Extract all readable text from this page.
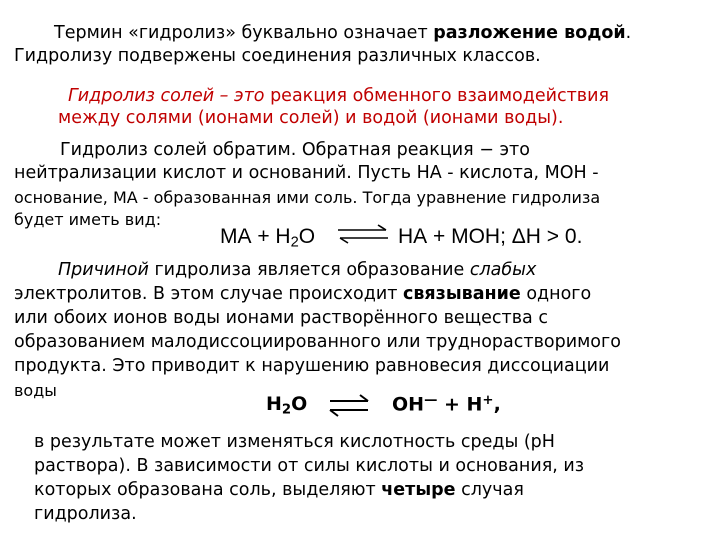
Термин «гидролиз» буквально означает разложение водой.
Гидролизу подвержены соединения различных классов.
Гидролиз солей – это реакция обменного взаимодействия
между солями (ионами солей) и водой (ионами воды).
Гидролиз солей обратим. Обратная реакция − это
нейтрализации кислот и оснований. Пусть НА - кислота, МОН -
основание, МА - образованная ими соль. Тогда уравнение гидролиза
будет иметь вид:
МА + $Н_2О$ ⇌ НА + МОН; ΔН > 0.
Причиной гидролиза является образование слабых
электролитов. В этом случае происходит связывание одного
или обоих ионов воды ионами растворённого вещества с
образованием малодиссоциированного или труднорастворимого
продукта. Это приводит к нарушению равновесия диссоциации
воды
$Н_2О$ ⇌ ОН— + Н+,
в результате может изменяться кислотность среды (рН
раствора). В зависимости от силы кислоты и основания, из
которых образована соль, выделяют четыре случая
гидролиза.
